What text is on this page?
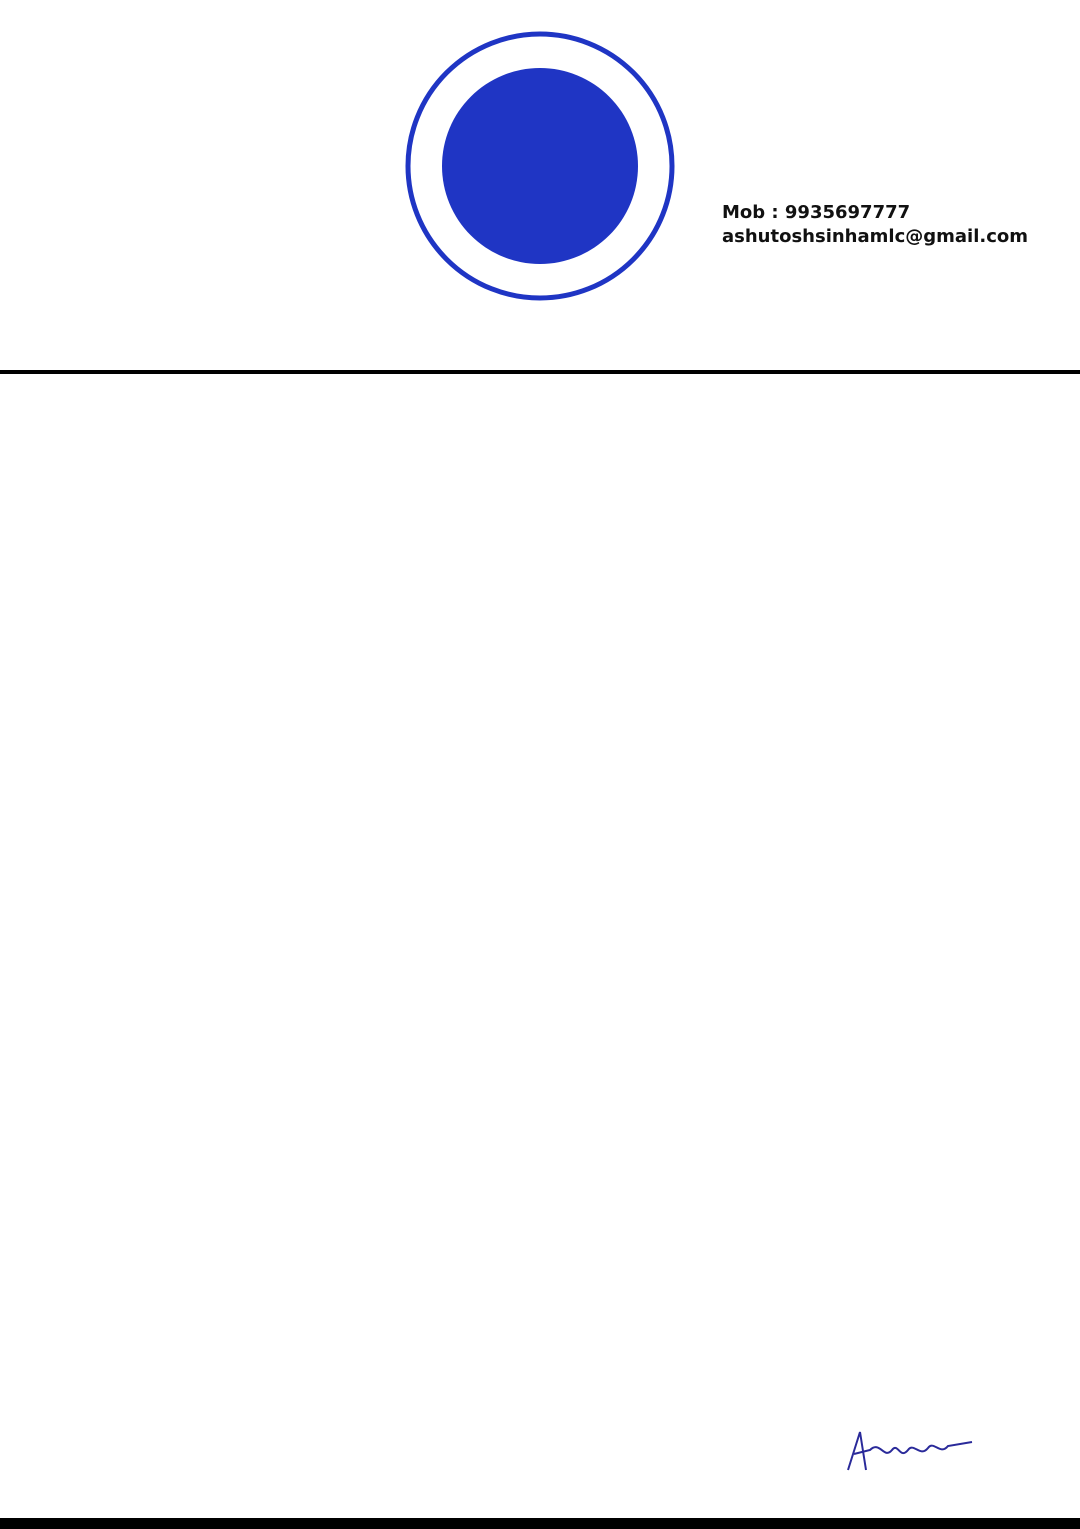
Mob : 9935697777
ashutoshsinhamlc@gmail.com
